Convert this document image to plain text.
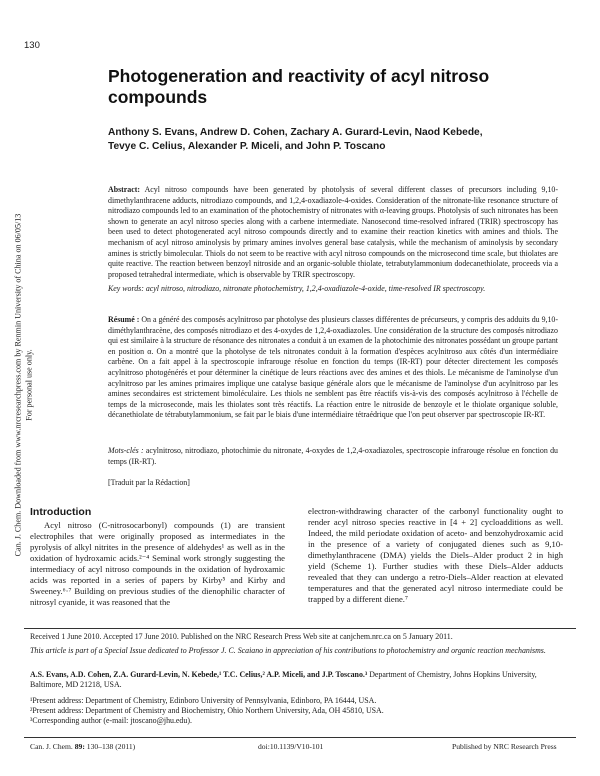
130
Can. J. Chem. Downloaded from www.nrcresearchpress.com by Renmin University of China on 06/05/13 For personal use only.
Photogeneration and reactivity of acyl nitroso compounds
Anthony S. Evans, Andrew D. Cohen, Zachary A. Gurard-Levin, Naod Kebede,
Tevye C. Celius, Alexander P. Miceli, and John P. Toscano

Abstract: Acyl nitroso compounds have been generated by photolysis of several different classes of precursors including 9,10-dimethylanthracene adducts, nitrodiazo compounds, and 1,2,4-oxadiazole-4-oxides. Consideration of the nitronate-like resonance structure of nitrodiazo compounds led to an examination of the photochemistry of nitronates with α-leaving groups. Photolysis of such nitronates has been shown to generate an acyl nitroso species along with a carbene intermediate. Nanosecond time-resolved infrared (TRIR) spectroscopy has been used to detect photogenerated acyl nitroso compounds directly and to examine their reaction kinetics with amines and thiols. The mechanism of acyl nitroso aminolysis by primary amines involves general base catalysis, while the mechanism of aminolysis by secondary amines is strictly bimolecular. Thiols do not seem to be reactive with acyl nitroso compounds on the microsecond time scale, but thiolates are quite reactive. The reaction between benzoyl nitroside and an organic-soluble thiolate, tetrabutylammonium dodecanethiolate, proceeds via a proposed tetrahedral intermediate, which is observable by TRIR spectroscopy.

Key words: acyl nitroso, nitrodiazo, nitronate photochemistry, 1,2,4-oxadiazole-4-oxide, time-resolved IR spectroscopy.

Résumé : On a généré des composés acylnitroso par photolyse des plusieurs classes différentes de précurseurs, y compris des adduits du 9,10-diméthylanthracène, des composés nitrodiazo et des 4-oxydes de 1,2,4-oxadiazoles. Une considération de la structure des composés nitrodiazo qui est similaire à la structure de résonance des nitronates a conduit à un examen de la photochimie des nitronates possédant un groupe partant en position α. On a montré que la photolyse de tels nitronates conduit à la formation d'espèces acylnitroso aux côtés d'un intermédiaire carbène. On a fait appel à la spectroscopie infrarouge résolue en fonction du temps (IR-RT) pour détecter directement les composés acylnitroso photogénérés et pour déterminer la cinétique de leurs réactions avec des amines et des thiols. Le mécanisme de l'aminolyse d'un acylnitroso par les amines primaires implique une catalyse basique générale alors que le mécanisme de l'aminolyse d'un acylnitroso par les amines secondaires est strictement bimoléculaire. Les thiols ne semblent pas être réactifs vis-à-vis des composés acylnitroso à l'échelle de temps de la microseconde, mais les thiolates sont très réactifs. La réaction entre le nitroside de benzoyle et le thiolate organique soluble, décanethiolate de tétrabutylammonium, se fait par le biais d'une intermédiaire tétraédrique que l'on peut observer par spectroscopie IR-RT.

Mots-clés : acylnitroso, nitrodiazo, photochimie du nitronate, 4-oxydes de 1,2,4-oxadiazoles, spectroscopie infrarouge résolue en fonction du temps (IR-RT).

[Traduit par la Rédaction]
Introduction

Acyl nitroso (C-nitrosocarbonyl) compounds (1) are transient electrophiles that were originally proposed as intermediates in the pyrolysis of alkyl nitrites in the presence of aldehydes¹ as well as in the oxidation of hydroxamic acids.²⁻⁴ Seminal work strongly suggesting the intermediacy of acyl nitroso compounds in the oxidation of hydroxamic acids was reported in a series of papers by Kirby⁵ and Kirby and Sweeney.⁶·⁷ Building on previous studies of the dienophilic character of nitrosyl cyanide, it was reasoned that the

electron-withdrawing character of the carbonyl functionality ought to render acyl nitroso species reactive in [4 + 2] cycloadditions as well. Indeed, the mild periodate oxidation of aceto- and benzohydroxamic acid in the presence of a variety of conjugated dienes such as 9,10-dimethylanthracene (DMA) yields the Diels–Alder product 2 in high yield (Scheme 1). Further studies with these Diels–Alder adducts revealed that they can undergo a retro-Diels–Alder reaction at elevated temperatures and that the generated acyl nitroso intermediate could be trapped by a different diene.⁷

Received 1 June 2010. Accepted 17 June 2010. Published on the NRC Research Press Web site at canjchem.nrc.ca on 5 January 2011.
This article is part of a Special Issue dedicated to Professor J. C. Scaiano in appreciation of his contributions to photochemistry and organic reaction mechanisms.
A.S. Evans, A.D. Cohen, Z.A. Gurard-Levin, N. Kebede,¹ T.C. Celius,² A.P. Miceli, and J.P. Toscano.³ Department of Chemistry, Johns Hopkins University, Baltimore, MD 21218, USA.
¹Present address: Department of Chemistry, Edinboro University of Pennsylvania, Edinboro, PA 16444, USA.
²Present address: Department of Chemistry and Biochemistry, Ohio Northern University, Ada, OH 45810, USA.
³Corresponding author (e-mail: jtoscano@jhu.edu).
Can. J. Chem. 89: 130–138 (2011)	doi:10.1139/V10-101	Published by NRC Research Press
